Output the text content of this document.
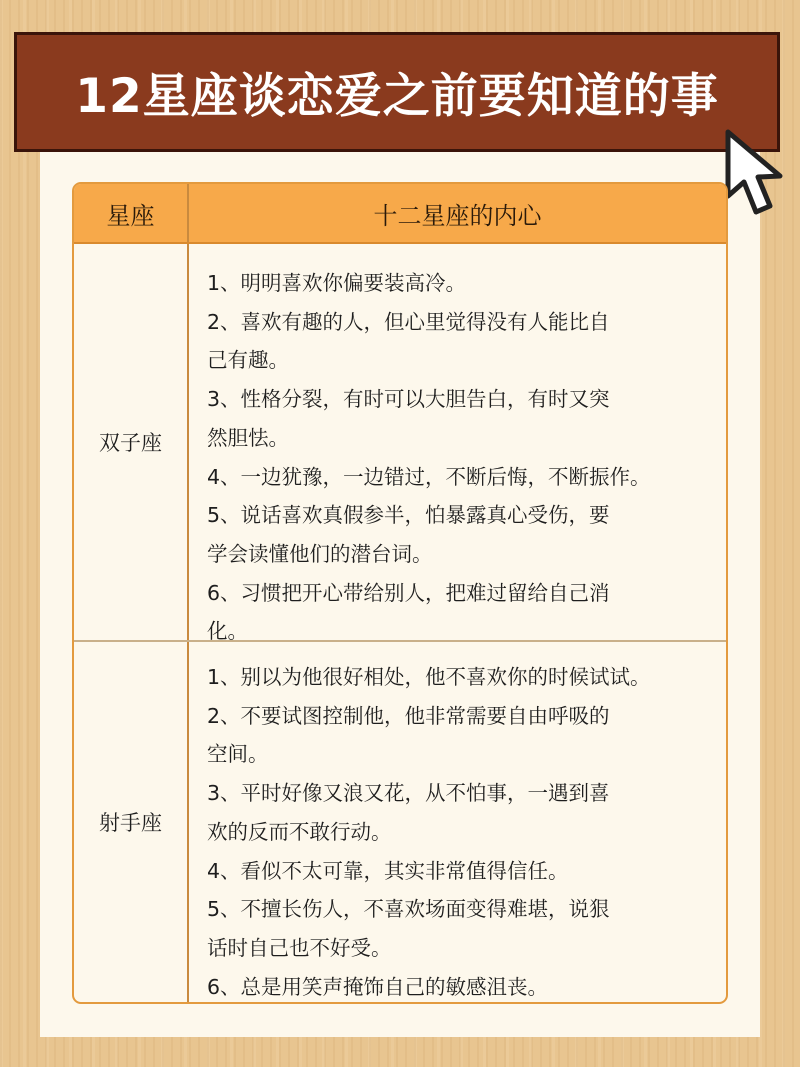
12星座谈恋爱之前要知道的事
星座	十二星座的内心
双子座
1、明明喜欢你偏要装高冷。
2、喜欢有趣的人，但心里觉得没有人能比自
己有趣。
3、性格分裂，有时可以大胆告白，有时又突
然胆怯。
4、一边犹豫，一边错过，不断后悔，不断振作。
5、说话喜欢真假参半，怕暴露真心受伤，要
学会读懂他们的潜台词。
6、习惯把开心带给别人，把难过留给自己消
化。
射手座
1、别以为他很好相处，他不喜欢你的时候试试。
2、不要试图控制他，他非常需要自由呼吸的
空间。
3、平时好像又浪又花，从不怕事，一遇到喜
欢的反而不敢行动。
4、看似不太可靠，其实非常值得信任。
5、不擅长伤人，不喜欢场面变得难堪，说狠
话时自己也不好受。
6、总是用笑声掩饰自己的敏感沮丧。
